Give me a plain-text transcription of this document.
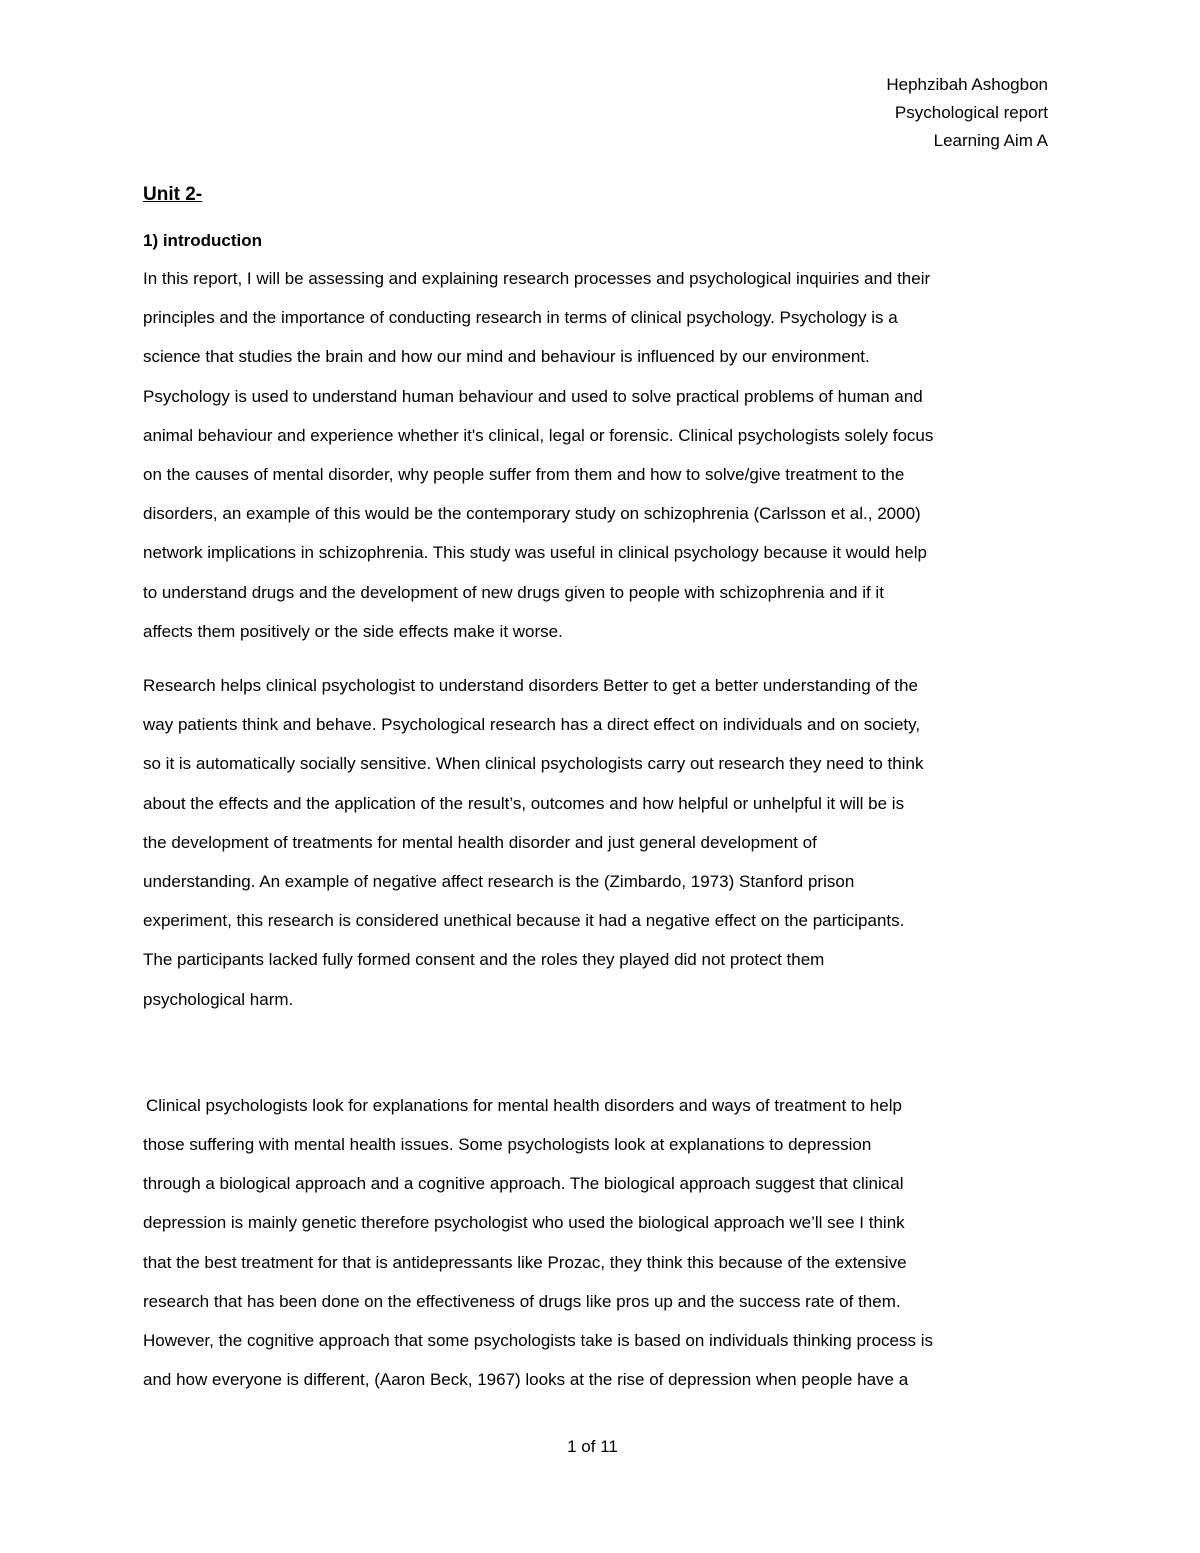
Hephzibah Ashogbon
Psychological report
Learning Aim A
Unit 2-
1) introduction

In this report, I will be assessing and explaining research processes and psychological inquiries and their
principles and the importance of conducting research in terms of clinical psychology. Psychology is a
science that studies the brain and how our mind and behaviour is influenced by our environment.
Psychology is used to understand human behaviour and used to solve practical problems of human and
animal behaviour and experience whether it's clinical, legal or forensic. Clinical psychologists solely focus
on the causes of mental disorder, why people suffer from them and how to solve/give treatment to the
disorders, an example of this would be the contemporary study on schizophrenia (Carlsson et al., 2000)
network implications in schizophrenia. This study was useful in clinical psychology because it would help
to understand drugs and the development of new drugs given to people with schizophrenia and if it
affects them positively or the side effects make it worse.

Research helps clinical psychologist to understand disorders Better to get a better understanding of the
way patients think and behave. Psychological research has a direct effect on individuals and on society,
so it is automatically socially sensitive. When clinical psychologists carry out research they need to think
about the effects and the application of the result’s, outcomes and how helpful or unhelpful it will be is
the development of treatments for mental health disorder and just general development of
understanding. An example of negative affect research is the (Zimbardo, 1973) Stanford prison
experiment, this research is considered unethical because it had a negative effect on the participants.
The participants lacked fully formed consent and the roles they played did not protect them
psychological harm.

Clinical psychologists look for explanations for mental health disorders and ways of treatment to help
those suffering with mental health issues. Some psychologists look at explanations to depression
through a biological approach and a cognitive approach. The biological approach suggest that clinical
depression is mainly genetic therefore psychologist who used the biological approach we’ll see I think
that the best treatment for that is antidepressants like Prozac, they think this because of the extensive
research that has been done on the effectiveness of drugs like pros up and the success rate of them.
However, the cognitive approach that some psychologists take is based on individuals thinking process is
and how everyone is different, (Aaron Beck, 1967) looks at the rise of depression when people have a

1 of 11
